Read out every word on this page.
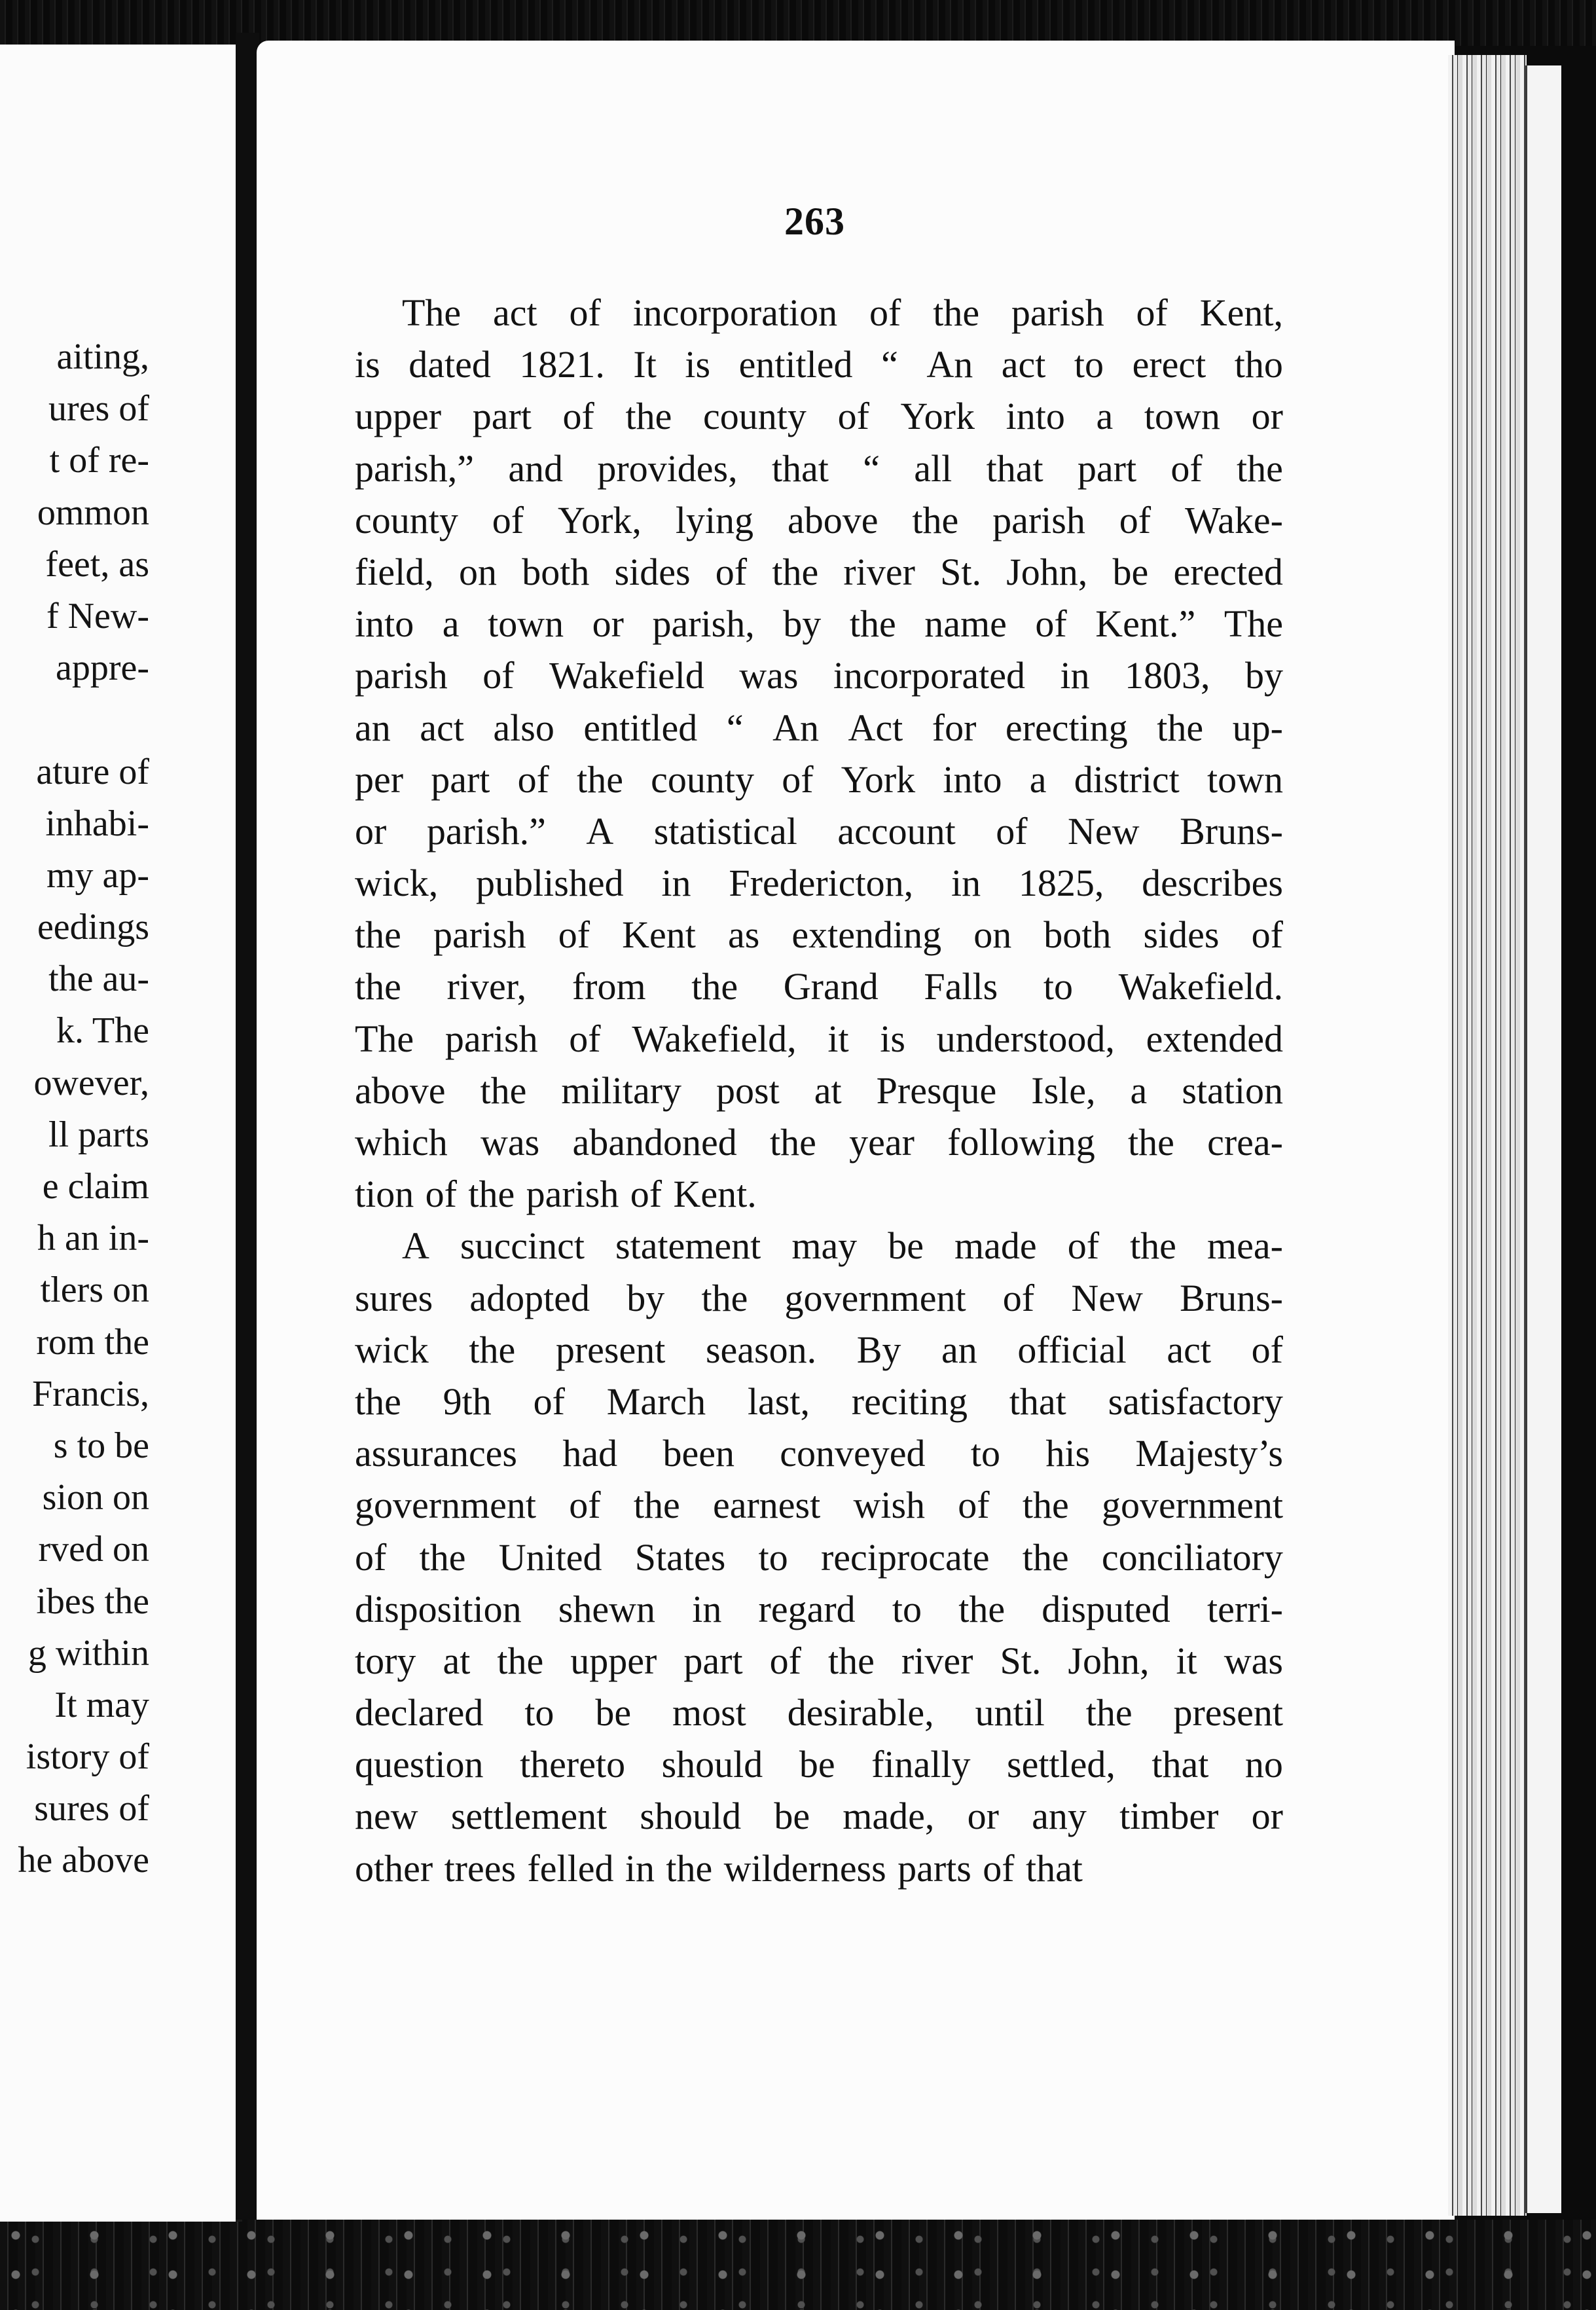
aiting,
ures of
t of re-
ommon
feet, as
f New-
appre-
ature of
inhabi-
my ap-
eedings
the au-
k. The
owever,
ll parts
e claim
h an in-
tlers on
rom the
Francis,
s to be
sion on
rved on
ibes the
g within
It may
istory of
sures of
he above
263
The act of incorporation of the parish of Kent,
is dated 1821. It is entitled “ An act to erect tho
upper part of the county of York into a town or
parish,” and provides, that “ all that part of the
county of York, lying above the parish of Wake-
field, on both sides of the river St. John, be erected
into a town or parish, by the name of Kent.” The
parish of Wakefield was incorporated in 1803, by
an act also entitled “ An Act for erecting the up-
per part of the county of York into a district town
or parish.” A statistical account of New Bruns-
wick, published in Fredericton, in 1825, describes
the parish of Kent as extending on both sides of
the river, from the Grand Falls to Wakefield.
The parish of Wakefield, it is understood, extended
above the military post at Presque Isle, a station
which was abandoned the year following the crea-
tion of the parish of Kent.
A succinct statement may be made of the mea-
sures adopted by the government of New Bruns-
wick the present season. By an official act of
the 9th of March last, reciting that satisfactory
assurances had been conveyed to his Majesty’s
government of the earnest wish of the government
of the United States to reciprocate the conciliatory
disposition shewn in regard to the disputed terri-
tory at the upper part of the river St. John, it was
declared to be most desirable, until the present
question thereto should be finally settled, that no
new settlement should be made, or any timber or
other trees felled in the wilderness parts of that
